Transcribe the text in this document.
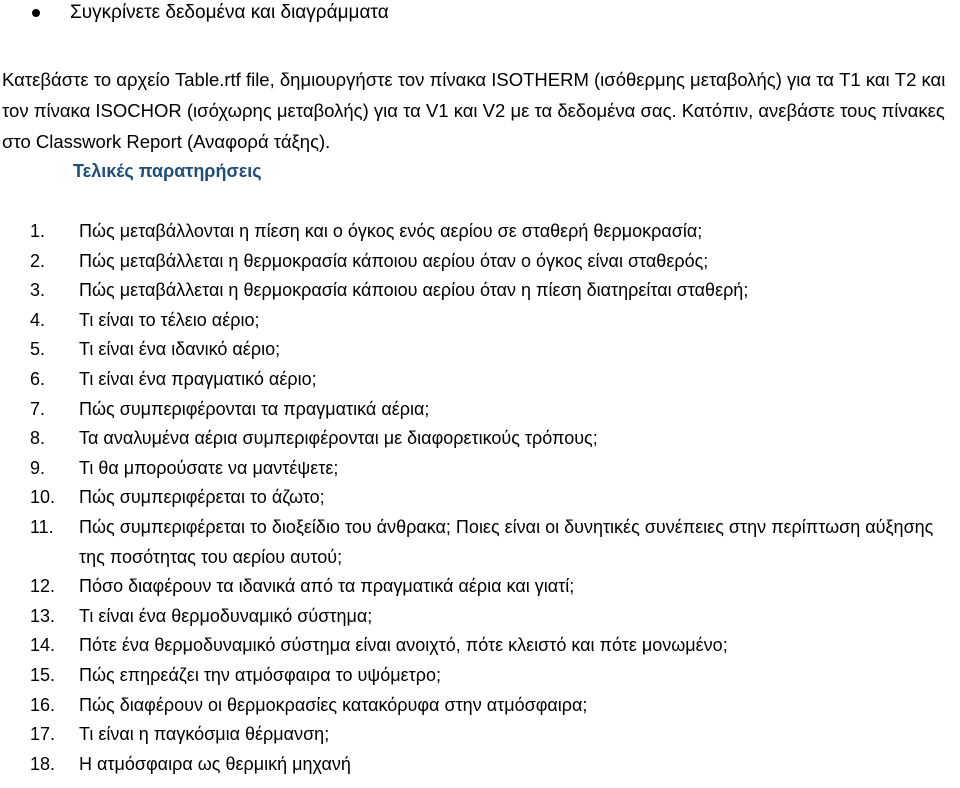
Συγκρίνετε δεδομένα και διαγράμματα

Κατεβάστε το αρχείο Table.rtf file, δημιουργήστε τον πίνακα ISOTHERM (ισόθερμης μεταβολής) για τα T1 και T2 και τον πίνακα ISOCHOR (ισόχωρης μεταβολής) για τα V1 και V2 με τα δεδομένα σας. Κατόπιν, ανεβάστε τους πίνακες στο Classwork Report (Αναφορά τάξης).

Τελικές παρατηρήσεις
1.	Πώς μεταβάλλονται η πίεση και ο όγκος ενός αερίου σε σταθερή θερμοκρασία;
2.	Πώς μεταβάλλεται η θερμοκρασία κάποιου αερίου όταν ο όγκος είναι σταθερός;
3.	Πώς μεταβάλλεται η θερμοκρασία κάποιου αερίου όταν η πίεση διατηρείται σταθερή;
4.	Τι είναι το τέλειο αέριο;
5.	Τι είναι ένα ιδανικό αέριο;
6.	Τι είναι ένα πραγματικό αέριο;
7.	Πώς συμπεριφέρονται τα πραγματικά αέρια;
8.	Τα αναλυμένα αέρια συμπεριφέρονται με διαφορετικούς τρόπους;
9.	Τι θα μπορούσατε να μαντέψετε;
10.	Πώς συμπεριφέρεται το άζωτο;
11.	Πώς συμπεριφέρεται το διοξείδιο του άνθρακα; Ποιες είναι οι δυνητικές συνέπειες στην περίπτωση αύξησης της ποσότητας του αερίου αυτού;
12.	Πόσο διαφέρουν τα ιδανικά από τα πραγματικά αέρια και γιατί;
13.	Τι είναι ένα θερμοδυναμικό σύστημα;
14.	Πότε ένα θερμοδυναμικό σύστημα είναι ανοιχτό, πότε κλειστό και πότε μονωμένο;
15.	Πώς επηρεάζει την ατμόσφαιρα το υψόμετρο;
16.	Πώς διαφέρουν οι θερμοκρασίες κατακόρυφα στην ατμόσφαιρα;
17.	Τι είναι η παγκόσμια θέρμανση;
18.	Η ατμόσφαιρα ως θερμική μηχανή
